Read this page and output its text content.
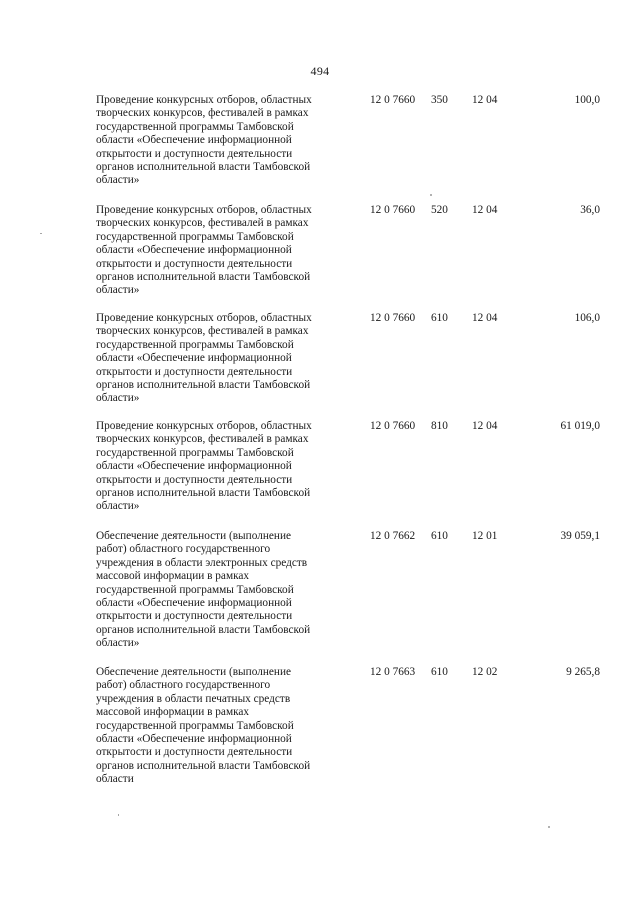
494
Проведение конкурсных отборов, областных
творческих конкурсов, фестивалей в рамках
государственной программы Тамбовской
области «Обеспечение информационной
открытости и доступности деятельности
органов исполнительной власти Тамбовской
области»
12 0 7660 350 12 04	100,0
Проведение конкурсных отборов, областных
творческих конкурсов, фестивалей в рамках
государственной программы Тамбовской
области «Обеспечение информационной
открытости и доступности деятельности
органов исполнительной власти Тамбовской
области»
12 0 7660 520 12 04	36,0
Проведение конкурсных отборов, областных
творческих конкурсов, фестивалей в рамках
государственной программы Тамбовской
области «Обеспечение информационной
открытости и доступности деятельности
органов исполнительной власти Тамбовской
области»
12 0 7660 610 12 04	106,0
Проведение конкурсных отборов, областных
творческих конкурсов, фестивалей в рамках
государственной программы Тамбовской
области «Обеспечение информационной
открытости и доступности деятельности
органов исполнительной власти Тамбовской
области»
12 0 7660 810 12 04	61 019,0
Обеспечение деятельности (выполнение
работ) областного государственного
учреждения в области электронных средств
массовой информации в рамках
государственной программы Тамбовской
области «Обеспечение информационной
открытости и доступности деятельности
органов исполнительной власти Тамбовской
области»
12 0 7662 610 12 01	39 059,1
Обеспечение деятельности (выполнение
работ) областного государственного
учреждения в области печатных средств
массовой информации в рамках
государственной программы Тамбовской
области «Обеспечение информационной
открытости и доступности деятельности
органов исполнительной власти Тамбовской
области
12 0 7663 610 12 02	9 265,8
